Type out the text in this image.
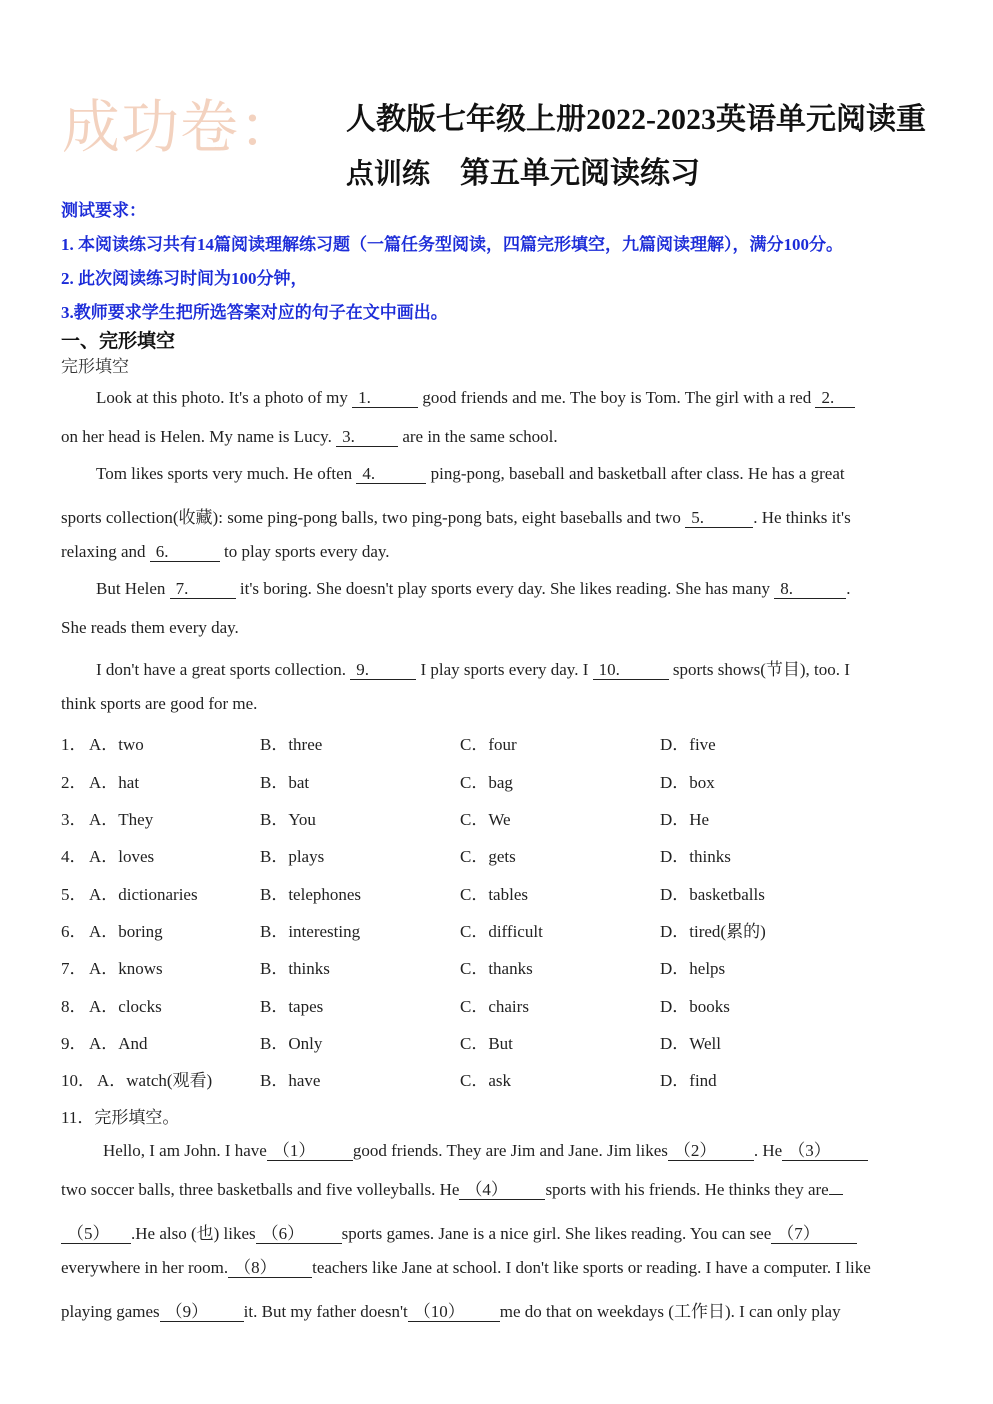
成功卷： 人教版七年级上册2022-2023英语单元阅读重
点训练 第五单元阅读练习
测试要求：
1. 本阅读练习共有14篇阅读理解练习题（一篇任务型阅读，四篇完形填空，九篇阅读理解），满分100分。
2. 此次阅读练习时间为100分钟，
3.教师要求学生把所选答案对应的句子在文中画出。
一、完形填空
完形填空
Look at this photo. It's a photo of my 1.	good friends and me. The boy is Tom. The girl with a red 2.
on her head is Helen. My name is Lucy. 3.	are in the same school.
Tom likes sports very much. He often 4.	ping-pong, baseball and basketball after class. He has a great
sports collection(收藏): some ping-pong balls, two ping-pong bats, eight baseballs and two 5.	. He thinks it's
relaxing and 6.	to play sports every day.
But Helen 7.	it's boring. She doesn't play sports every day. She likes reading. She has many 8.	.
She reads them every day.
I don't have a great sports collection. 9.	I play sports every day. I 10.	sports shows(节目), too. I
think sports are good for me.
1． A．two	B．three	C．four	D．five
2． A．hat	B．bat	C．bag	D．box
3． A．They	B．You	C．We	D．He
4． A．loves	B．plays	C．gets	D．thinks
5． A．dictionaries	B．telephones	C．tables	D．basketballs
6． A．boring	B．interesting	C．difficult	D．tired(累的)
7． A．knows	B．thinks	C．thanks	D．helps
8． A．clocks	B．tapes	C．chairs	D．books
9． A．And	B．Only	C．But	D．Well
10． A．watch(观看)	B．have	C．ask	D．find
11．完形填空。
Hello, I am John. I have （1） good friends. They are Jim and Jane. Jim likes （2） . He （3）
two soccer balls, three basketballs and five volleyballs. He （4） sports with his friends. He thinks they are
（5） .He also (也) likes （6） sports games. Jane is a nice girl. She likes reading. You can see （7）
everywhere in her room. （8） teachers like Jane at school. I don't like sports or reading. I have a computer. I like
playing games （9） it. But my father doesn't （10） me do that on weekdays (工作日). I can only play
